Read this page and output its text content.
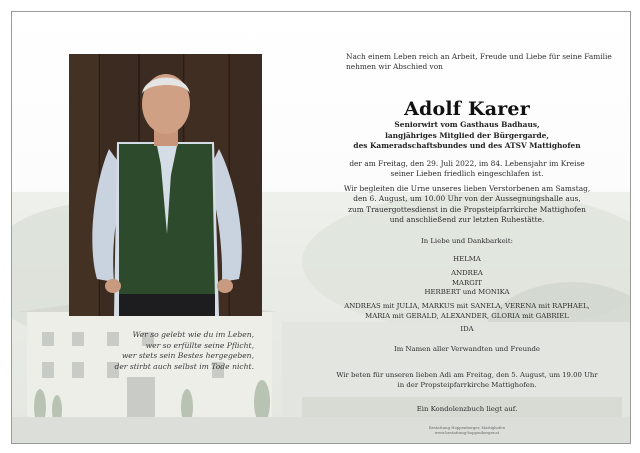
Wer so gelebt wie du im Leben,
wer so erfüllte seine Pflicht,
wer stets sein Bestes hergegeben,
der stirbt auch selbst im Tode nicht.
Nach einem Leben reich an Arbeit, Freude und Liebe für seine Familie
nehmen wir Abschied von
Adolf Karer
Seniorwirt vom Gasthaus Badhaus,
langjähriges Mitglied der Bürgergarde,
des Kameradschaftsbundes und des ATSV Mattighofen
der am Freitag, den 29. Juli 2022, im 84. Lebensjahr im Kreise
seiner Lieben friedlich eingeschlafen ist.
Wir begleiten die Urne unseres lieben Verstorbenen am Samstag,
den 6. August, um 10.00 Uhr von der Aussegnungshalle aus,
zum Trauergottesdienst in die Propsteipfarrkirche Mattighofen
und anschließend zur letzten Ruhestätte.
In Liebe und Dankbarkeit:
HELMA
ANDREA
MARGIT
HERBERT und MONIKA
ANDREAS mit JULIA, MARKUS mit SANELA, VERENA mit RAPHAEL,
MARIA mit GERALD, ALEXANDER, GLORIA mit GABRIEL
IDA
Im Namen aller Verwandten und Freunde
Wir beten für unseren lieben Adi am Freitag, den 5. August, um 19.00 Uhr
in der Propsteipfarrkirche Mattighofen.
Ein Kondolenzbuch liegt auf.
Bestattung Hoppenberger, Mattighofen
www.bestattung-hoppenberger.at
